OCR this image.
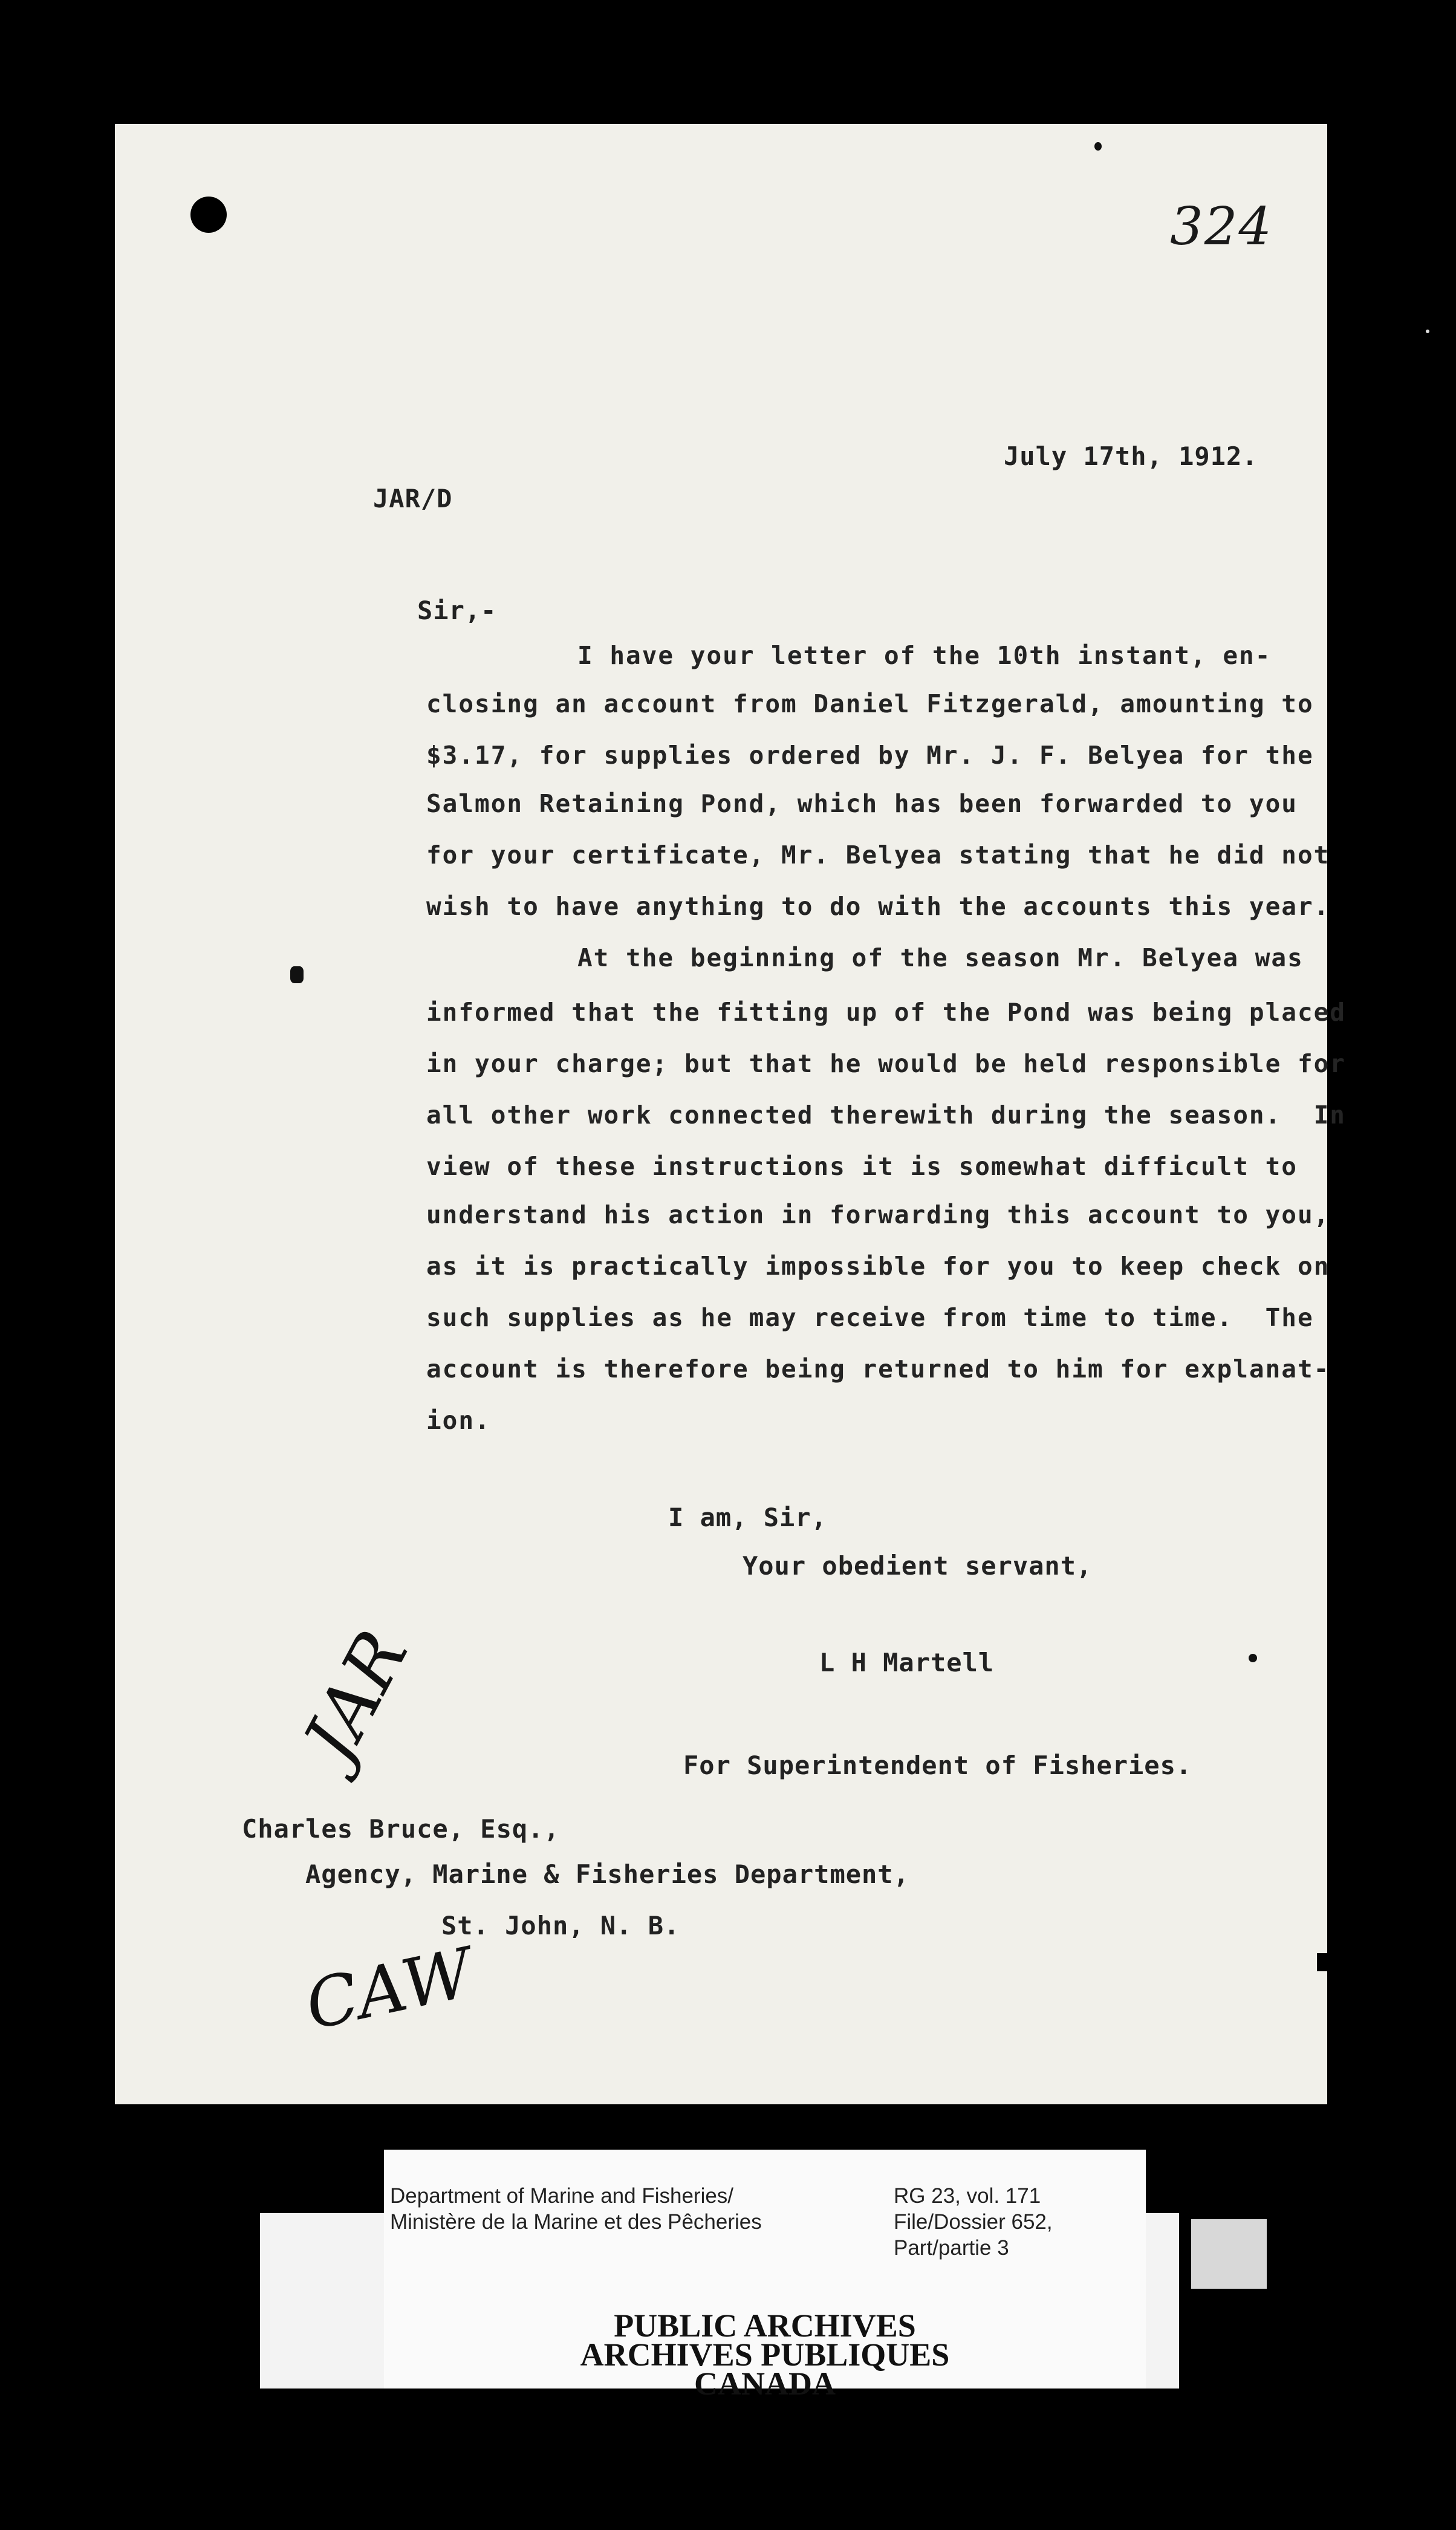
324
July 17th, 1912.
JAR/D
Sir,-
I have your letter of the 10th instant, en-
closing an account from Daniel Fitzgerald, amounting to
$3.17, for supplies ordered by Mr. J. F. Belyea for the
Salmon Retaining Pond, which has been forwarded to you
for your certificate, Mr. Belyea stating that he did not
wish to have anything to do with the accounts this year.
At the beginning of the season Mr. Belyea was
informed that the fitting up of the Pond was being placed
in your charge; but that he would be held responsible for
all other work connected therewith during the season.  In
view of these instructions it is somewhat difficult to
understand his action in forwarding this account to you,
as it is practically impossible for you to keep check on
such supplies as he may receive from time to time.  The
account is therefore being returned to him for explanat-
ion.
I am, Sir,
Your obedient servant,
L H Martell
For Superintendent of Fisheries.
Charles Bruce, Esq.,
Agency, Marine & Fisheries Department,
St. John, N. B.
JAR
CAW
Department of Marine and Fisheries/
Ministère de la Marine et des Pêcheries
RG 23, vol. 171
File/Dossier 652,
Part/partie 3
PUBLIC ARCHIVES
ARCHIVES PUBLIQUES
CANADA
